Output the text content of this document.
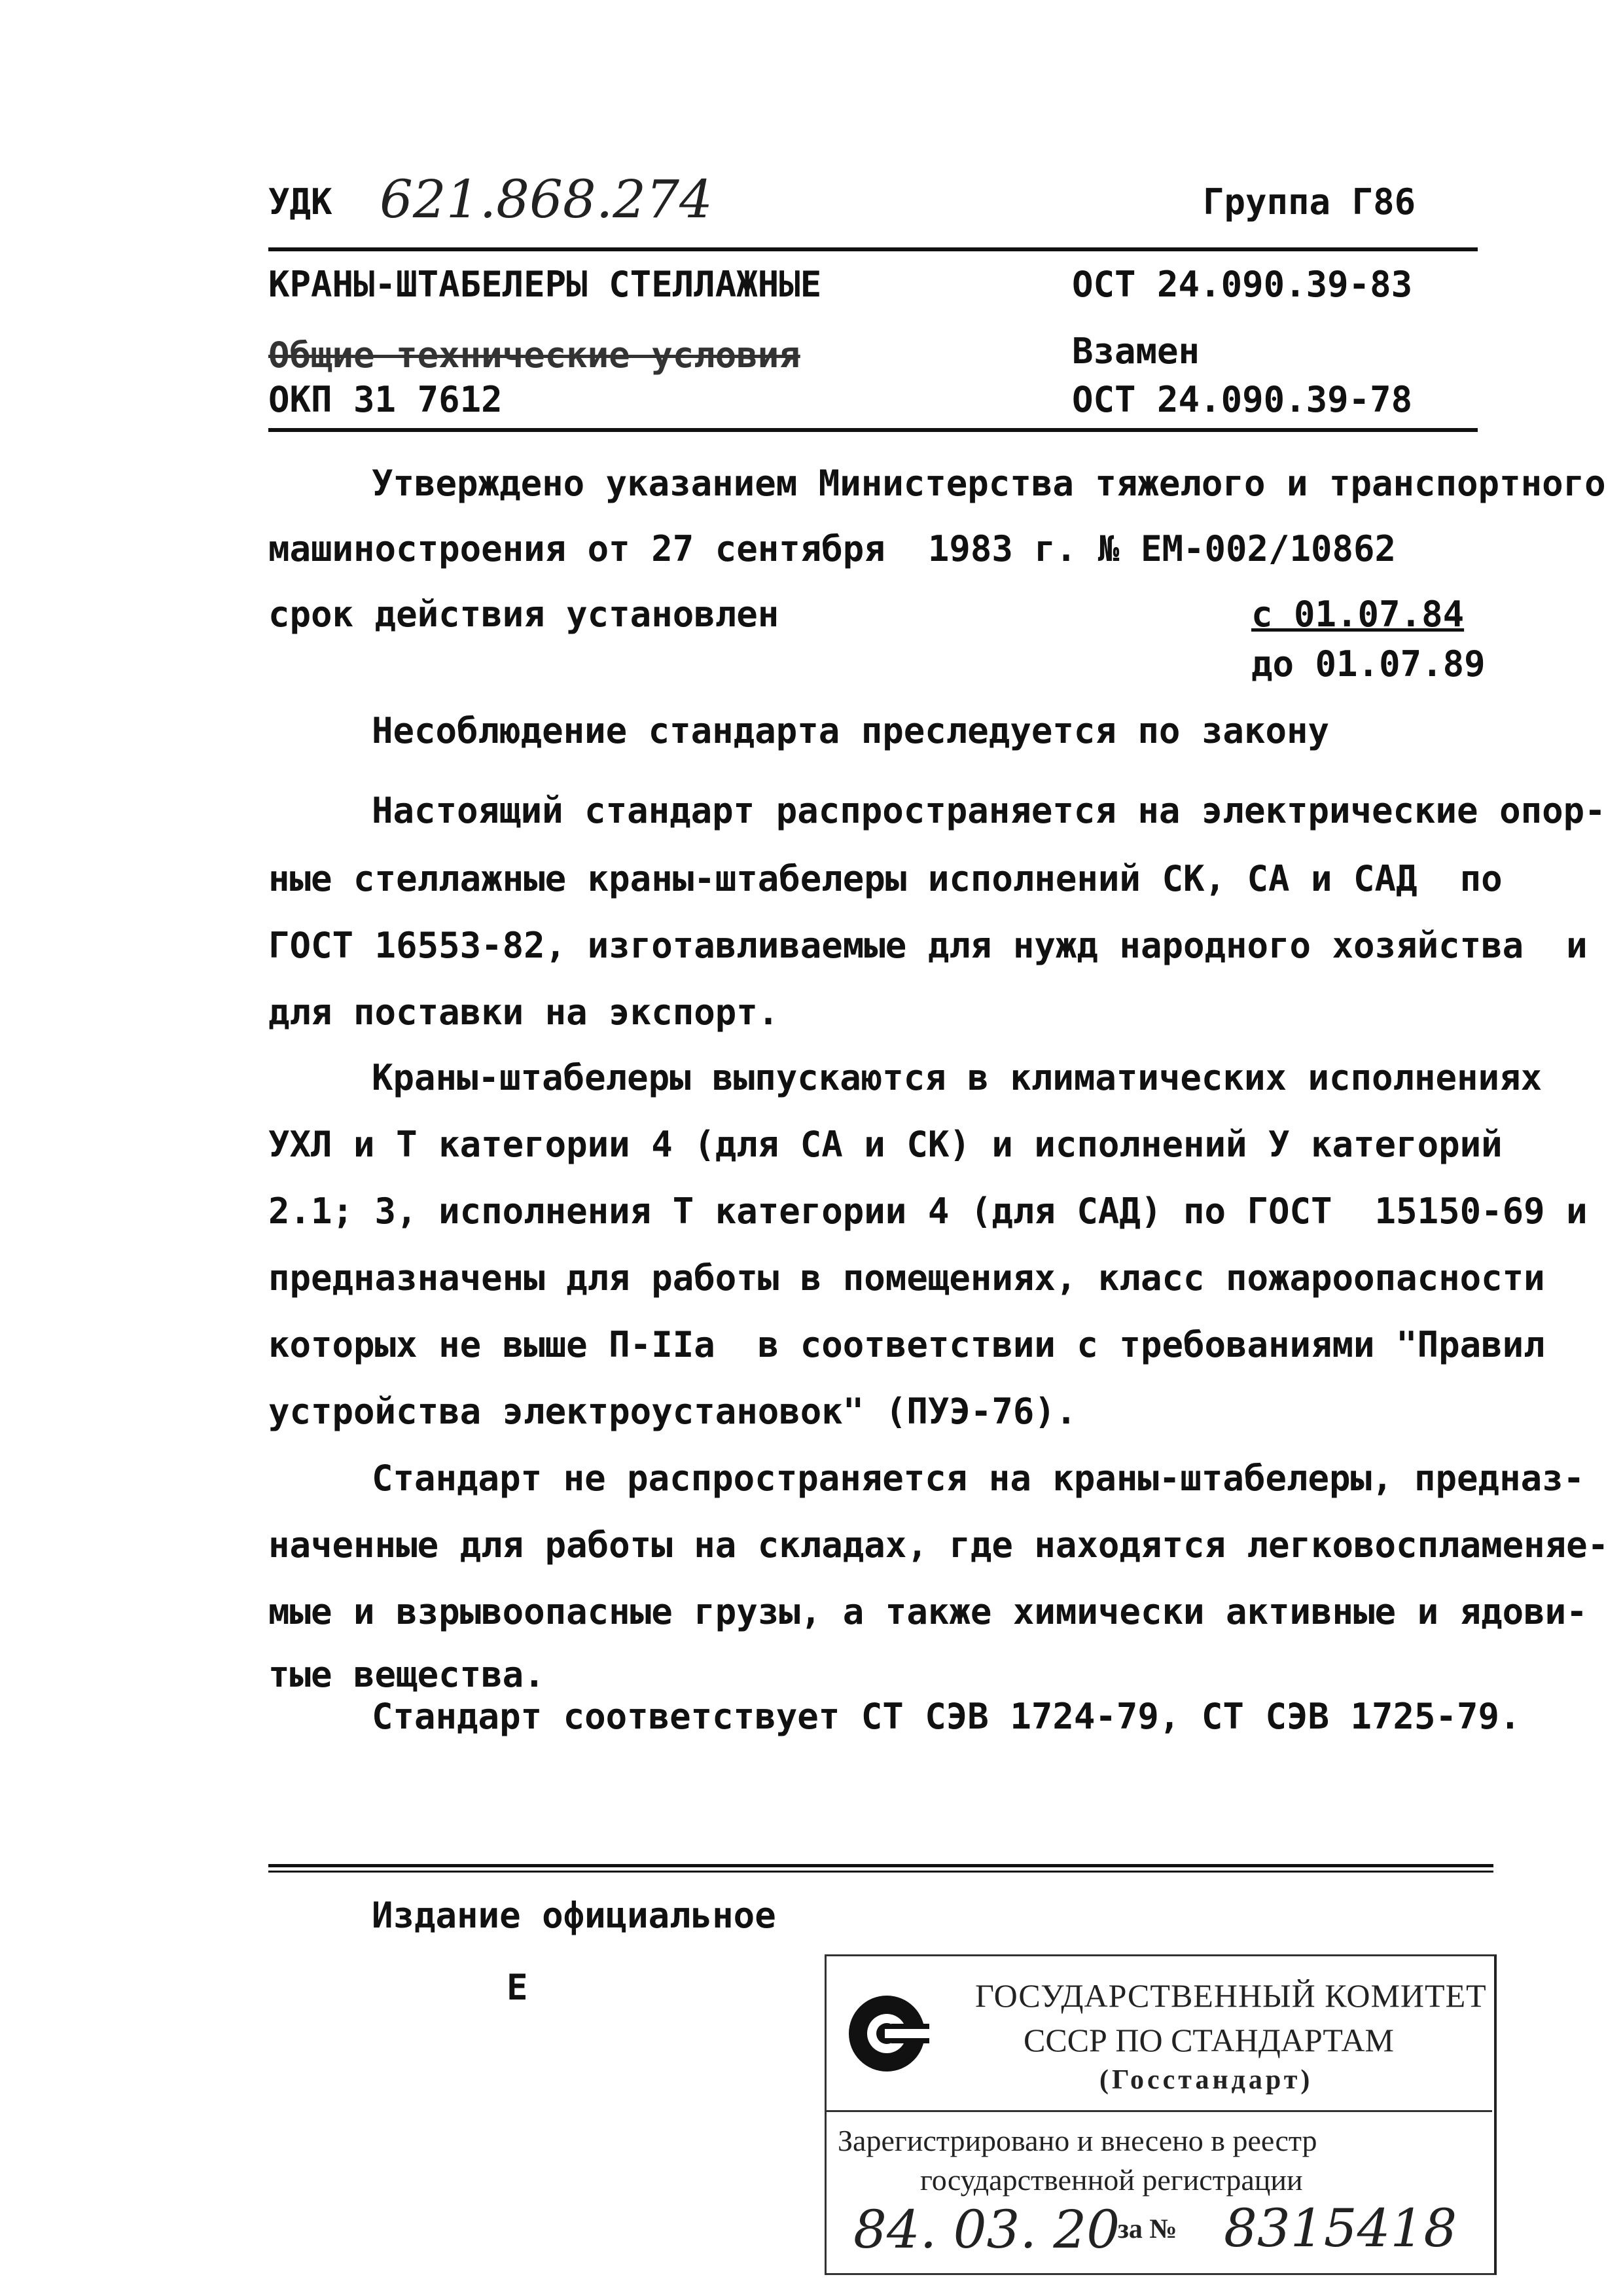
УДК 621.868.274	Группа Г86
КРАНЫ-ШТАБЕЛЕРЫ СТЕЛЛАЖНЫЕ
Общие технические условия
ОКП 31 7612
ОСТ 24.090.39-83
Взамен
ОСТ 24.090.39-78
Утверждено указанием Министерства тяжелого и транспортного
машиностроения от 27 сентября  1983 г. № ЕМ-002/10862
срок действия установлен	с 01.07.84
до 01.07.89
Несоблюдение стандарта преследуется по закону
Настоящий стандарт распространяется на электрические опор-
ные стеллажные краны-штабелеры исполнений СК, СА и САД  по
ГОСТ 16553-82, изготавливаемые для нужд народного хозяйства  и
для поставки на экспорт.
Краны-штабелеры выпускаются в климатических исполнениях
УХЛ и Т категории 4 (для СА и СК) и исполнений У категорий
2.1; 3, исполнения Т категории 4 (для САД) по ГОСТ  15150-69 и
предназначены для работы в помещениях, класс пожароопасности
которых не выше П-IIа  в соответствии с требованиями "Правил
устройства электроустановок" (ПУЭ-76).
Стандарт не распространяется на краны-штабелеры, предназ-
наченные для работы на складах, где находятся легковоспламеняе-
мые и взрывоопасные грузы, а также химически активные и ядови-
тые вещества.
Стандарт соответствует СТ СЭВ 1724-79, СТ СЭВ 1725-79.
Издание официальное
Е	ГОСУДАРСТВЕННЫЙ КОМИТЕТ
СССР ПО СТАНДАРТАМ
(Госстандарт)
Зарегистрировано и внесено в реестр
государственной регистрации
84. 03. 20
за № 8315418
